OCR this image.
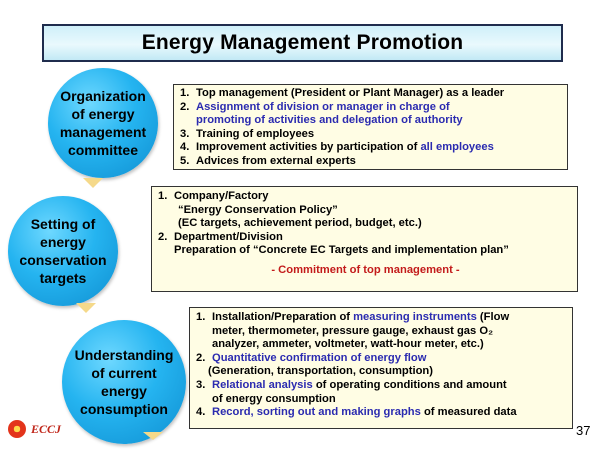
Energy Management Promotion
Organization
of energy
management
committee
1. Top management (President or Plant Manager) as a leader
2. Assignment of division or manager in charge of
promoting of activities and delegation of authority
3. Training of employees
4. Improvement activities by participation of all employees
5. Advices from external experts
Setting of
energy
conservation
targets
1. Company/Factory
“Energy Conservation Policy”
(EC targets, achievement period, budget, etc.)
2. Department/Division
Preparation of “Concrete EC Targets and implementation plan”
- Commitment of top management -
Understanding
of current
energy
consumption
1. Installation/Preparation of measuring instruments (Flow
meter, thermometer, pressure gauge, exhaust gas O₂
analyzer, ammeter, voltmeter, watt-hour meter, etc.)
2. Quantitative confirmation of energy flow
(Generation, transportation, consumption)
3. Relational analysis of operating conditions and amount
of energy consumption
4. Record, sorting out and making graphs of measured data
ECCJ	37
